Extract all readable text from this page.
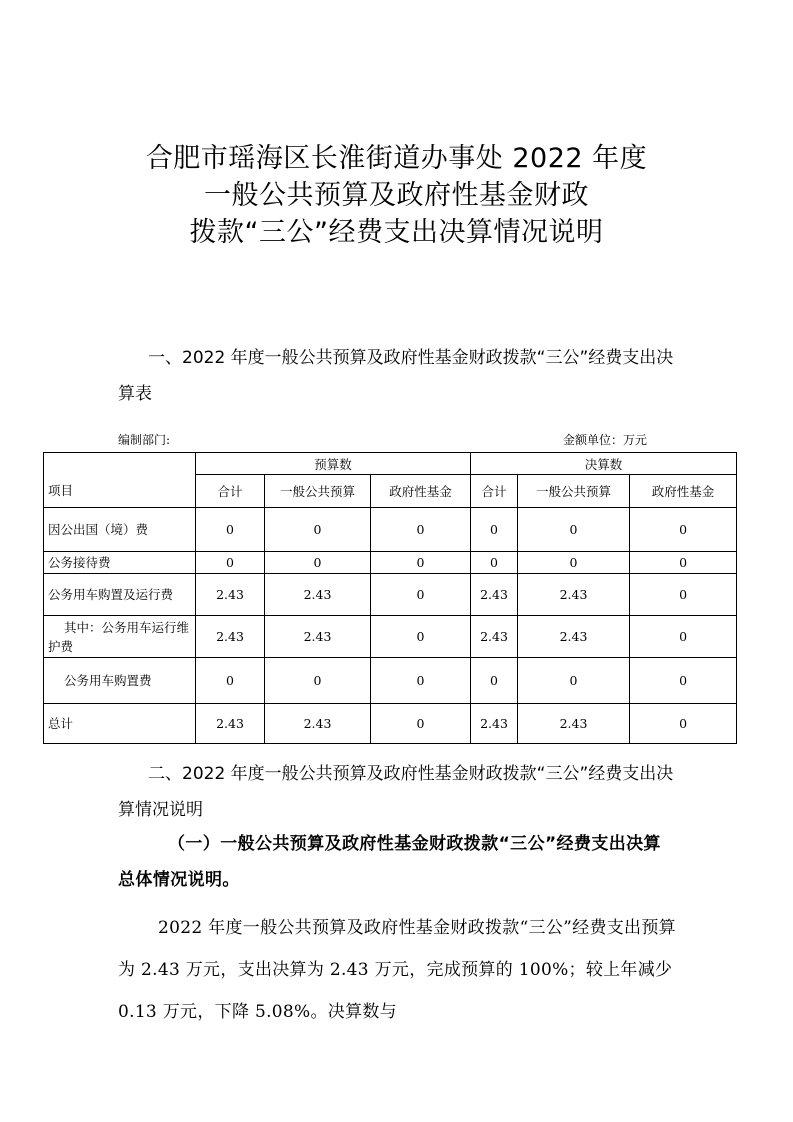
合肥市瑶海区长淮街道办事处 2022 年度
一般公共预算及政府性基金财政
拨款“三公”经费支出决算情况说明
一、2022 年度一般公共预算及政府性基金财政拨款“三公”经费支出决算表
编制部门:	金额单位：万元
	预算数			决算数		
项目	合计	一般公共预算	政府性基金	合计	一般公共预算	政府性基金
因公出国（境）费	0	0	0	0	0	0
公务接待费	0	0	0	0	0	0
公务用车购置及运行费	2.43	2.43	0	2.43	2.43	0
其中：公务用车运行维护费	2.43	2.43	0	2.43	2.43	0
公务用车购置费	0	0	0	0	0	0
总计	2.43	2.43	0	2.43	2.43	0
二、2022 年度一般公共预算及政府性基金财政拨款“三公”经费支出决算情况说明
（一）一般公共预算及政府性基金财政拨款“三公”经费支出决算总体情况说明。
2022 年度一般公共预算及政府性基金财政拨款“三公”经费支出预算为 2.43 万元，支出决算为 2.43 万元，完成预算的 100%；较上年减少 0.13 万元，下降 5.08%。决算数与
